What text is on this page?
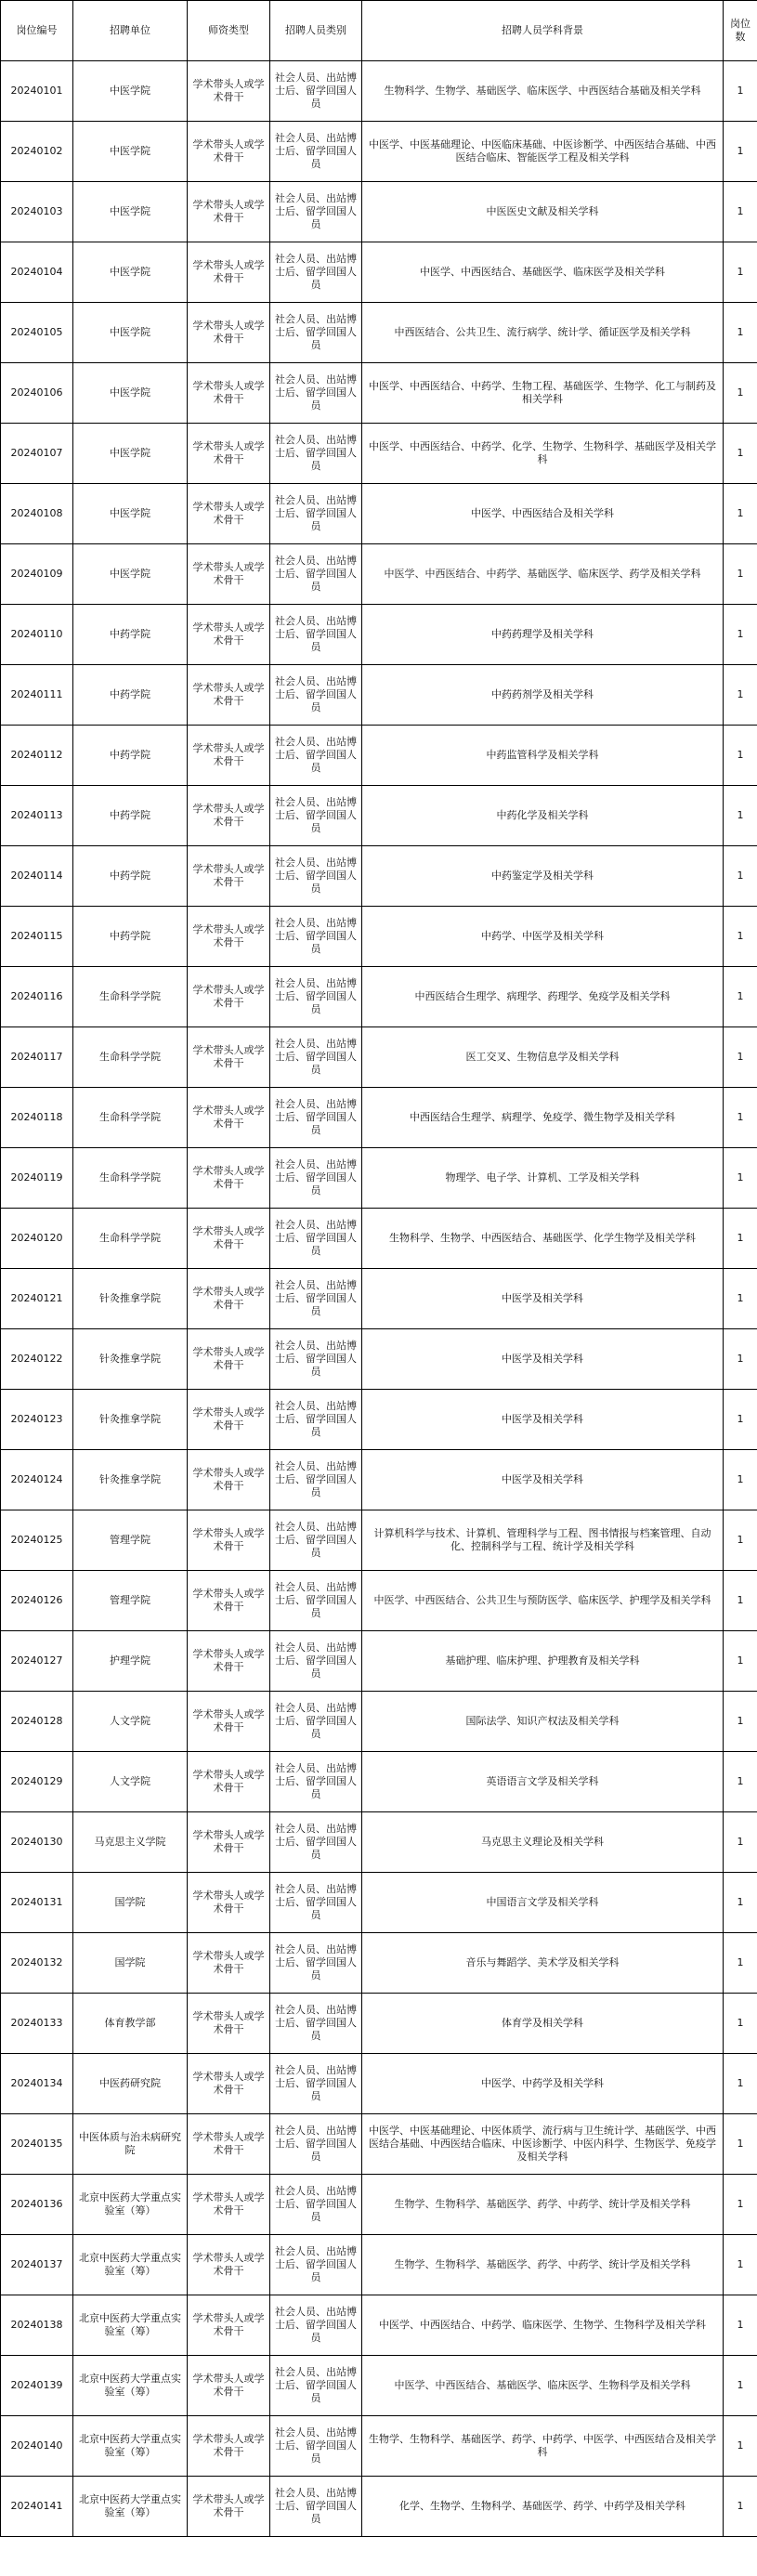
岗位编号	招聘单位	师资类型	招聘人员类别	招聘人员学科背景	岗位数
20240101	中医学院	学术带头人或学术骨干	社会人员、出站博士后、留学回国人员	生物科学、生物学、基础医学、临床医学、中西医结合基础及相关学科	1
20240102	中医学院	学术带头人或学术骨干	社会人员、出站博士后、留学回国人员	中医学、中医基础理论、中医临床基础、中医诊断学、中西医结合基础、中西医结合临床、智能医学工程及相关学科	1
20240103	中医学院	学术带头人或学术骨干	社会人员、出站博士后、留学回国人员	中医医史文献及相关学科	1
20240104	中医学院	学术带头人或学术骨干	社会人员、出站博士后、留学回国人员	中医学、中西医结合、基础医学、临床医学及相关学科	1
20240105	中医学院	学术带头人或学术骨干	社会人员、出站博士后、留学回国人员	中西医结合、公共卫生、流行病学、统计学、循证医学及相关学科	1
20240106	中医学院	学术带头人或学术骨干	社会人员、出站博士后、留学回国人员	中医学、中西医结合、中药学、生物工程、基础医学、生物学、化工与制药及相关学科	1
20240107	中医学院	学术带头人或学术骨干	社会人员、出站博士后、留学回国人员	中医学、中西医结合、中药学、化学、生物学、生物科学、基础医学及相关学科	1
20240108	中医学院	学术带头人或学术骨干	社会人员、出站博士后、留学回国人员	中医学、中西医结合及相关学科	1
20240109	中医学院	学术带头人或学术骨干	社会人员、出站博士后、留学回国人员	中医学、中西医结合、中药学、基础医学、临床医学、药学及相关学科	1
20240110	中药学院	学术带头人或学术骨干	社会人员、出站博士后、留学回国人员	中药药理学及相关学科	1
20240111	中药学院	学术带头人或学术骨干	社会人员、出站博士后、留学回国人员	中药药剂学及相关学科	1
20240112	中药学院	学术带头人或学术骨干	社会人员、出站博士后、留学回国人员	中药监管科学及相关学科	1
20240113	中药学院	学术带头人或学术骨干	社会人员、出站博士后、留学回国人员	中药化学及相关学科	1
20240114	中药学院	学术带头人或学术骨干	社会人员、出站博士后、留学回国人员	中药鉴定学及相关学科	1
20240115	中药学院	学术带头人或学术骨干	社会人员、出站博士后、留学回国人员	中药学、中医学及相关学科	1
20240116	生命科学学院	学术带头人或学术骨干	社会人员、出站博士后、留学回国人员	中西医结合生理学、病理学、药理学、免疫学及相关学科	1
20240117	生命科学学院	学术带头人或学术骨干	社会人员、出站博士后、留学回国人员	医工交叉、生物信息学及相关学科	1
20240118	生命科学学院	学术带头人或学术骨干	社会人员、出站博士后、留学回国人员	中西医结合生理学、病理学、免疫学、微生物学及相关学科	1
20240119	生命科学学院	学术带头人或学术骨干	社会人员、出站博士后、留学回国人员	物理学、电子学、计算机、工学及相关学科	1
20240120	生命科学学院	学术带头人或学术骨干	社会人员、出站博士后、留学回国人员	生物科学、生物学、中西医结合、基础医学、化学生物学及相关学科	1
20240121	针灸推拿学院	学术带头人或学术骨干	社会人员、出站博士后、留学回国人员	中医学及相关学科	1
20240122	针灸推拿学院	学术带头人或学术骨干	社会人员、出站博士后、留学回国人员	中医学及相关学科	1
20240123	针灸推拿学院	学术带头人或学术骨干	社会人员、出站博士后、留学回国人员	中医学及相关学科	1
20240124	针灸推拿学院	学术带头人或学术骨干	社会人员、出站博士后、留学回国人员	中医学及相关学科	1
20240125	管理学院	学术带头人或学术骨干	社会人员、出站博士后、留学回国人员	计算机科学与技术、计算机、管理科学与工程、图书情报与档案管理、自动化、控制科学与工程、统计学及相关学科	1
20240126	管理学院	学术带头人或学术骨干	社会人员、出站博士后、留学回国人员	中医学、中西医结合、公共卫生与预防医学、临床医学、护理学及相关学科	1
20240127	护理学院	学术带头人或学术骨干	社会人员、出站博士后、留学回国人员	基础护理、临床护理、护理教育及相关学科	1
20240128	人文学院	学术带头人或学术骨干	社会人员、出站博士后、留学回国人员	国际法学、知识产权法及相关学科	1
20240129	人文学院	学术带头人或学术骨干	社会人员、出站博士后、留学回国人员	英语语言文学及相关学科	1
20240130	马克思主义学院	学术带头人或学术骨干	社会人员、出站博士后、留学回国人员	马克思主义理论及相关学科	1
20240131	国学院	学术带头人或学术骨干	社会人员、出站博士后、留学回国人员	中国语言文学及相关学科	1
20240132	国学院	学术带头人或学术骨干	社会人员、出站博士后、留学回国人员	音乐与舞蹈学、美术学及相关学科	1
20240133	体育教学部	学术带头人或学术骨干	社会人员、出站博士后、留学回国人员	体育学及相关学科	1
20240134	中医药研究院	学术带头人或学术骨干	社会人员、出站博士后、留学回国人员	中医学、中药学及相关学科	1
20240135	中医体质与治未病研究院	学术带头人或学术骨干	社会人员、出站博士后、留学回国人员	中医学、中医基础理论、中医体质学、流行病与卫生统计学、基础医学、中西医结合基础、中西医结合临床、中医诊断学、中医内科学、生物医学、免疫学及相关学科	1
20240136	北京中医药大学重点实验室（筹）	学术带头人或学术骨干	社会人员、出站博士后、留学回国人员	生物学、生物科学、基础医学、药学、中药学、统计学及相关学科	1
20240137	北京中医药大学重点实验室（筹）	学术带头人或学术骨干	社会人员、出站博士后、留学回国人员	生物学、生物科学、基础医学、药学、中药学、统计学及相关学科	1
20240138	北京中医药大学重点实验室（筹）	学术带头人或学术骨干	社会人员、出站博士后、留学回国人员	中医学、中西医结合、中药学、临床医学、生物学、生物科学及相关学科	1
20240139	北京中医药大学重点实验室（筹）	学术带头人或学术骨干	社会人员、出站博士后、留学回国人员	中医学、中西医结合、基础医学、临床医学、生物科学及相关学科	1
20240140	北京中医药大学重点实验室（筹）	学术带头人或学术骨干	社会人员、出站博士后、留学回国人员	生物学、生物科学、基础医学、药学、中药学、中医学、中西医结合及相关学科	1
20240141	北京中医药大学重点实验室（筹）	学术带头人或学术骨干	社会人员、出站博士后、留学回国人员	化学、生物学、生物科学、基础医学、药学、中药学及相关学科	1
